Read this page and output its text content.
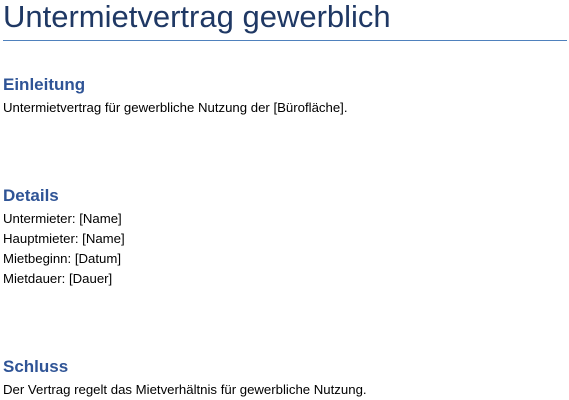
Untermietvertrag gewerblich
Einleitung

Untermietvertrag für gewerbliche Nutzung der [Bürofläche].

Details

Untermieter: [Name]

Hauptmieter: [Name]

Mietbeginn: [Datum]

Mietdauer: [Dauer]

Schluss

Der Vertrag regelt das Mietverhältnis für gewerbliche Nutzung.
